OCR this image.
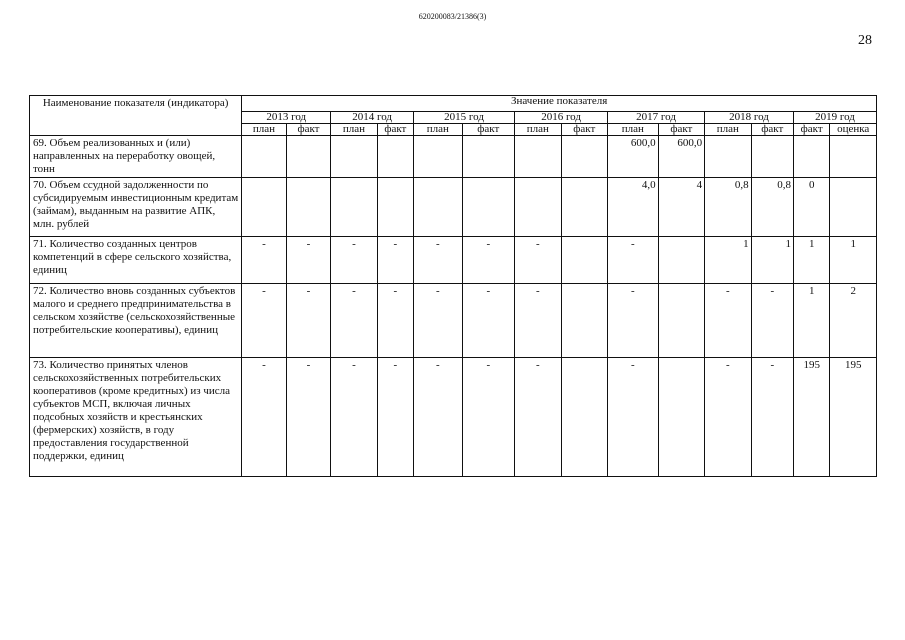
620200083/21386(3)
28
Наименование показателя (индикатора)	Значение показателя													
	2013 год		2014 год		2015 год		2016 год		2017 год		2018 год		2019 год	
	план	факт	план	факт	план	факт	план	факт	план	факт	план	факт	факт	оценка
69. Объем реализованных и (или) направленных на переработку овощей, тонн									600,0	600,0				
70. Объем ссудной задолженности по субсидируемым инвестиционным кредитам (займам), выданным на развитие АПК, млн. рублей									4,0	4	0,8	0,8	0	
71. Количество созданных центров компетенций в сфере сельского хозяйства, единиц	-	-	-	-	-	-	-		-		1	1	1	1
72. Количество вновь созданных субъектов малого и среднего предпринимательства в сельском хозяйстве (сельскохозяйственные потребительские кооперативы), единиц	-	-	-	-	-	-	-		-		-	-	1	2
73. Количество принятых членов сельскохозяйственных потребительских кооперативов (кроме кредитных) из числа субъектов МСП, включая личных подсобных хозяйств и крестьянских (фермерских) хозяйств, в году предоставления государственной поддержки, единиц	-	-	-	-	-	-	-		-		-	-	195	195
